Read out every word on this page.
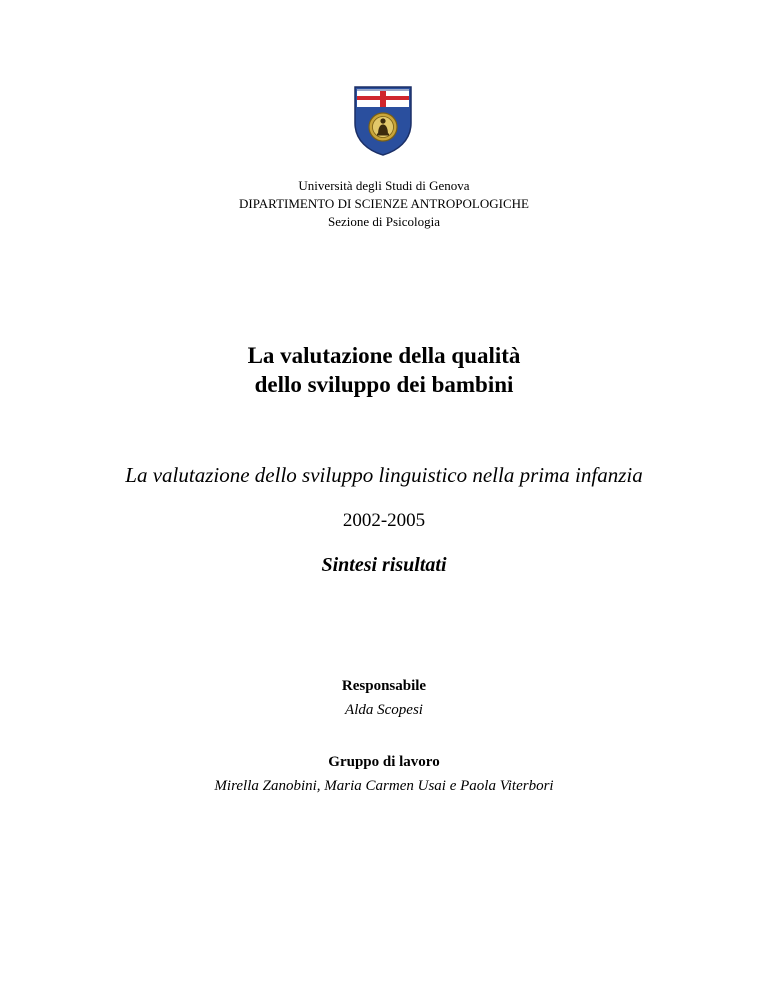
Università degli Studi di Genova
DIPARTIMENTO DI SCIENZE ANTROPOLOGICHE
Sezione di Psicologia
La valutazione della qualità
dello sviluppo dei bambini
La valutazione dello sviluppo linguistico nella prima infanzia
2002-2005
Sintesi risultati
Responsabile
Alda Scopesi
Gruppo di lavoro
Mirella Zanobini, Maria Carmen Usai e Paola Viterbori
